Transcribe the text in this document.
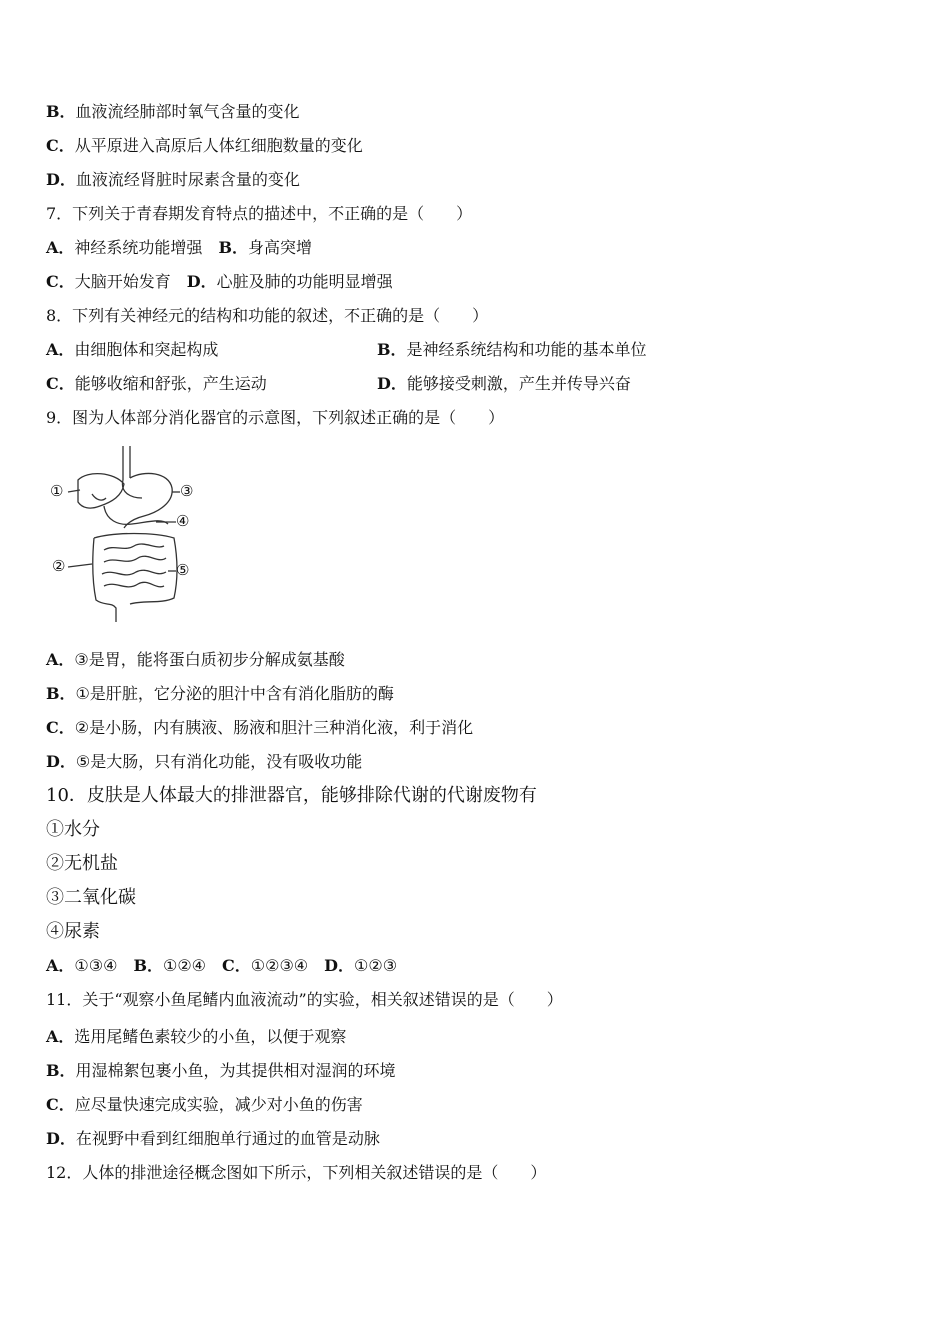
B．血液流经肺部时氧气含量的变化
C．从平原进入高原后人体红细胞数量的变化
D．血液流经肾脏时尿素含量的变化
7．下列关于青春期发育特点的描述中，不正确的是（　　）
A．神经系统功能增强 B．身高突增
C．大脑开始发育 D．心脏及肺的功能明显增强
8．下列有关神经元的结构和功能的叙述，不正确的是（　　）
A．由细胞体和突起构成	B．是神经系统结构和功能的基本单位
C．能够收缩和舒张，产生运动	D．能够接受刺激，产生并传导兴奋
9．图为人体部分消化器官的示意图，下列叙述正确的是（　　）
①	③
④
②	⑤
A．③是胃，能将蛋白质初步分解成氨基酸
B．①是肝脏，它分泌的胆汁中含有消化脂肪的酶
C．②是小肠，内有胰液、肠液和胆汁三种消化液，利于消化
D．⑤是大肠，只有消化功能，没有吸收功能
10．皮肤是人体最大的排泄器官，能够排除代谢的代谢废物有
①水分
②无机盐
③二氧化碳
④尿素
A．①③④ B．①②④ C．①②③④ D．①②③
11．关于“观察小鱼尾鳍内血液流动”的实验，相关叙述错误的是（　　）
A．选用尾鳍色素较少的小鱼，以便于观察
B．用湿棉絮包裹小鱼，为其提供相对湿润的环境
C．应尽量快速完成实验，减少对小鱼的伤害
D．在视野中看到红细胞单行通过的血管是动脉
12．人体的排泄途径概念图如下所示，下列相关叙述错误的是（　　）
